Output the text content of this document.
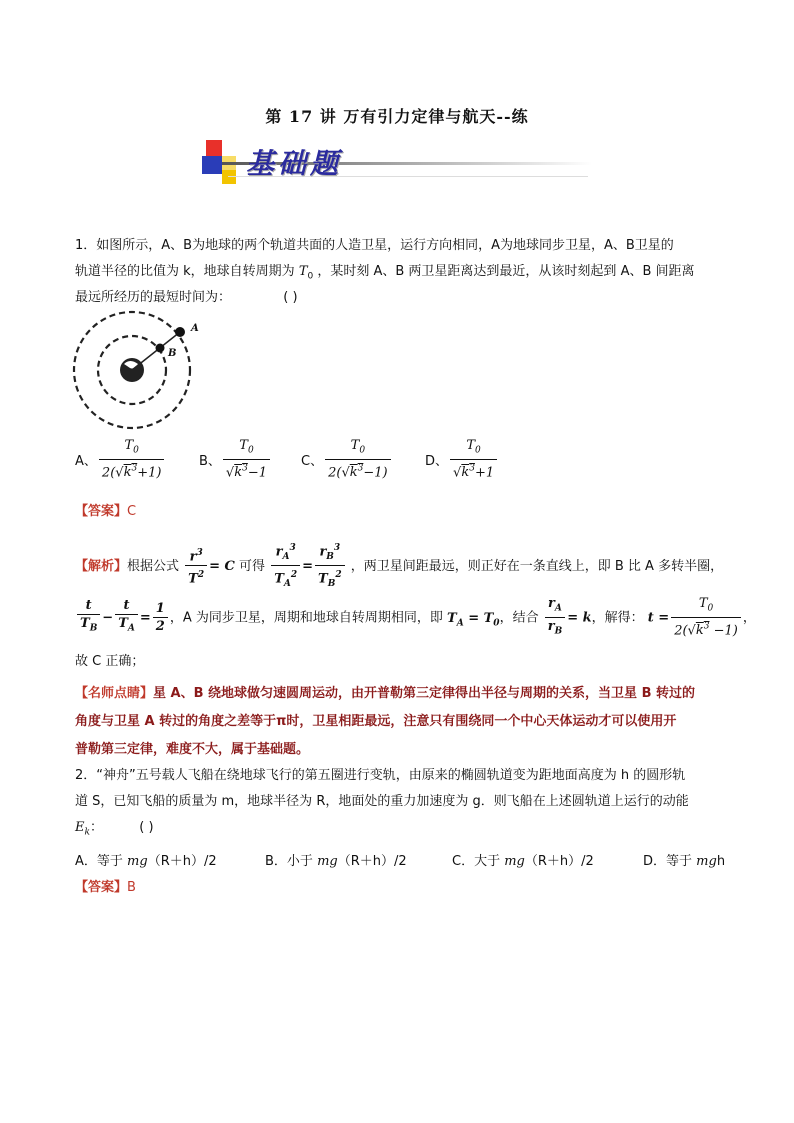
第 17 讲 万有引力定律与航天--练
基础题
1．如图所示，A、B为地球的两个轨道共面的人造卫星，运行方向相同，A为地球同步卫星，A、B卫星的
轨道半径的比值为 k，地球自转周期为 $T_0$ ，某时刻 A、B 两卫星距离达到最近，从该时刻起到 A、B 间距离
最远所经历的最短时间为：	( )
A
B
A、 $\frac{T_0}{2(√k^3+1)}$	B、 $\frac{T_0}{√k^3-1}$ C、 $\frac{T_0}{2(√k^3-1)}$	D、 $\frac{T_0}{√k^3+1}$
【答案】C
【解析】根据公式 $\frac{r^3}{T^2} = C$ 可得 $\frac{r_A^3}{T_A^2} = \frac{r_B^3}{T_B^2}$ ，两卫星间距最远，则正好在一条直线上，即 B 比 A 多转半圈，
$\frac{t}{T_B} - \frac{t}{T_A} = \frac{1}{2}$ ，A 为同步卫星，周期和地球自转周期相同，即 $T_A = T_0$，结合 $\frac{r_A}{r_B} = k$，解得： $t = \frac{T_0}{2(√k^3 -1)}$ ，
故 C 正确；
【名师点睛】星 A、B 绕地球做匀速圆周运动，由开普勒第三定律得出半径与周期的关系，当卫星 B 转过的
角度与卫星 A 转过的角度之差等于π时，卫星相距最远，注意只有围绕同一个中心天体运动才可以使用开
普勒第三定律，难度不大，属于基础题。
2．“神舟”五号载人飞船在绕地球飞行的第五圈进行变轨，由原来的椭圆轨道变为距地面高度为 h 的圆形轨
道 S，已知飞船的质量为 m，地球半径为 R，地面处的重力加速度为 g．则飞船在上述圆轨道上运行的动能
$E_k$：	( )
A．等于 mg（R＋h）/2	B．小于 mg（R＋h）/2	C．大于 mg（R＋h）/2	D．等于 mgh
【答案】B
